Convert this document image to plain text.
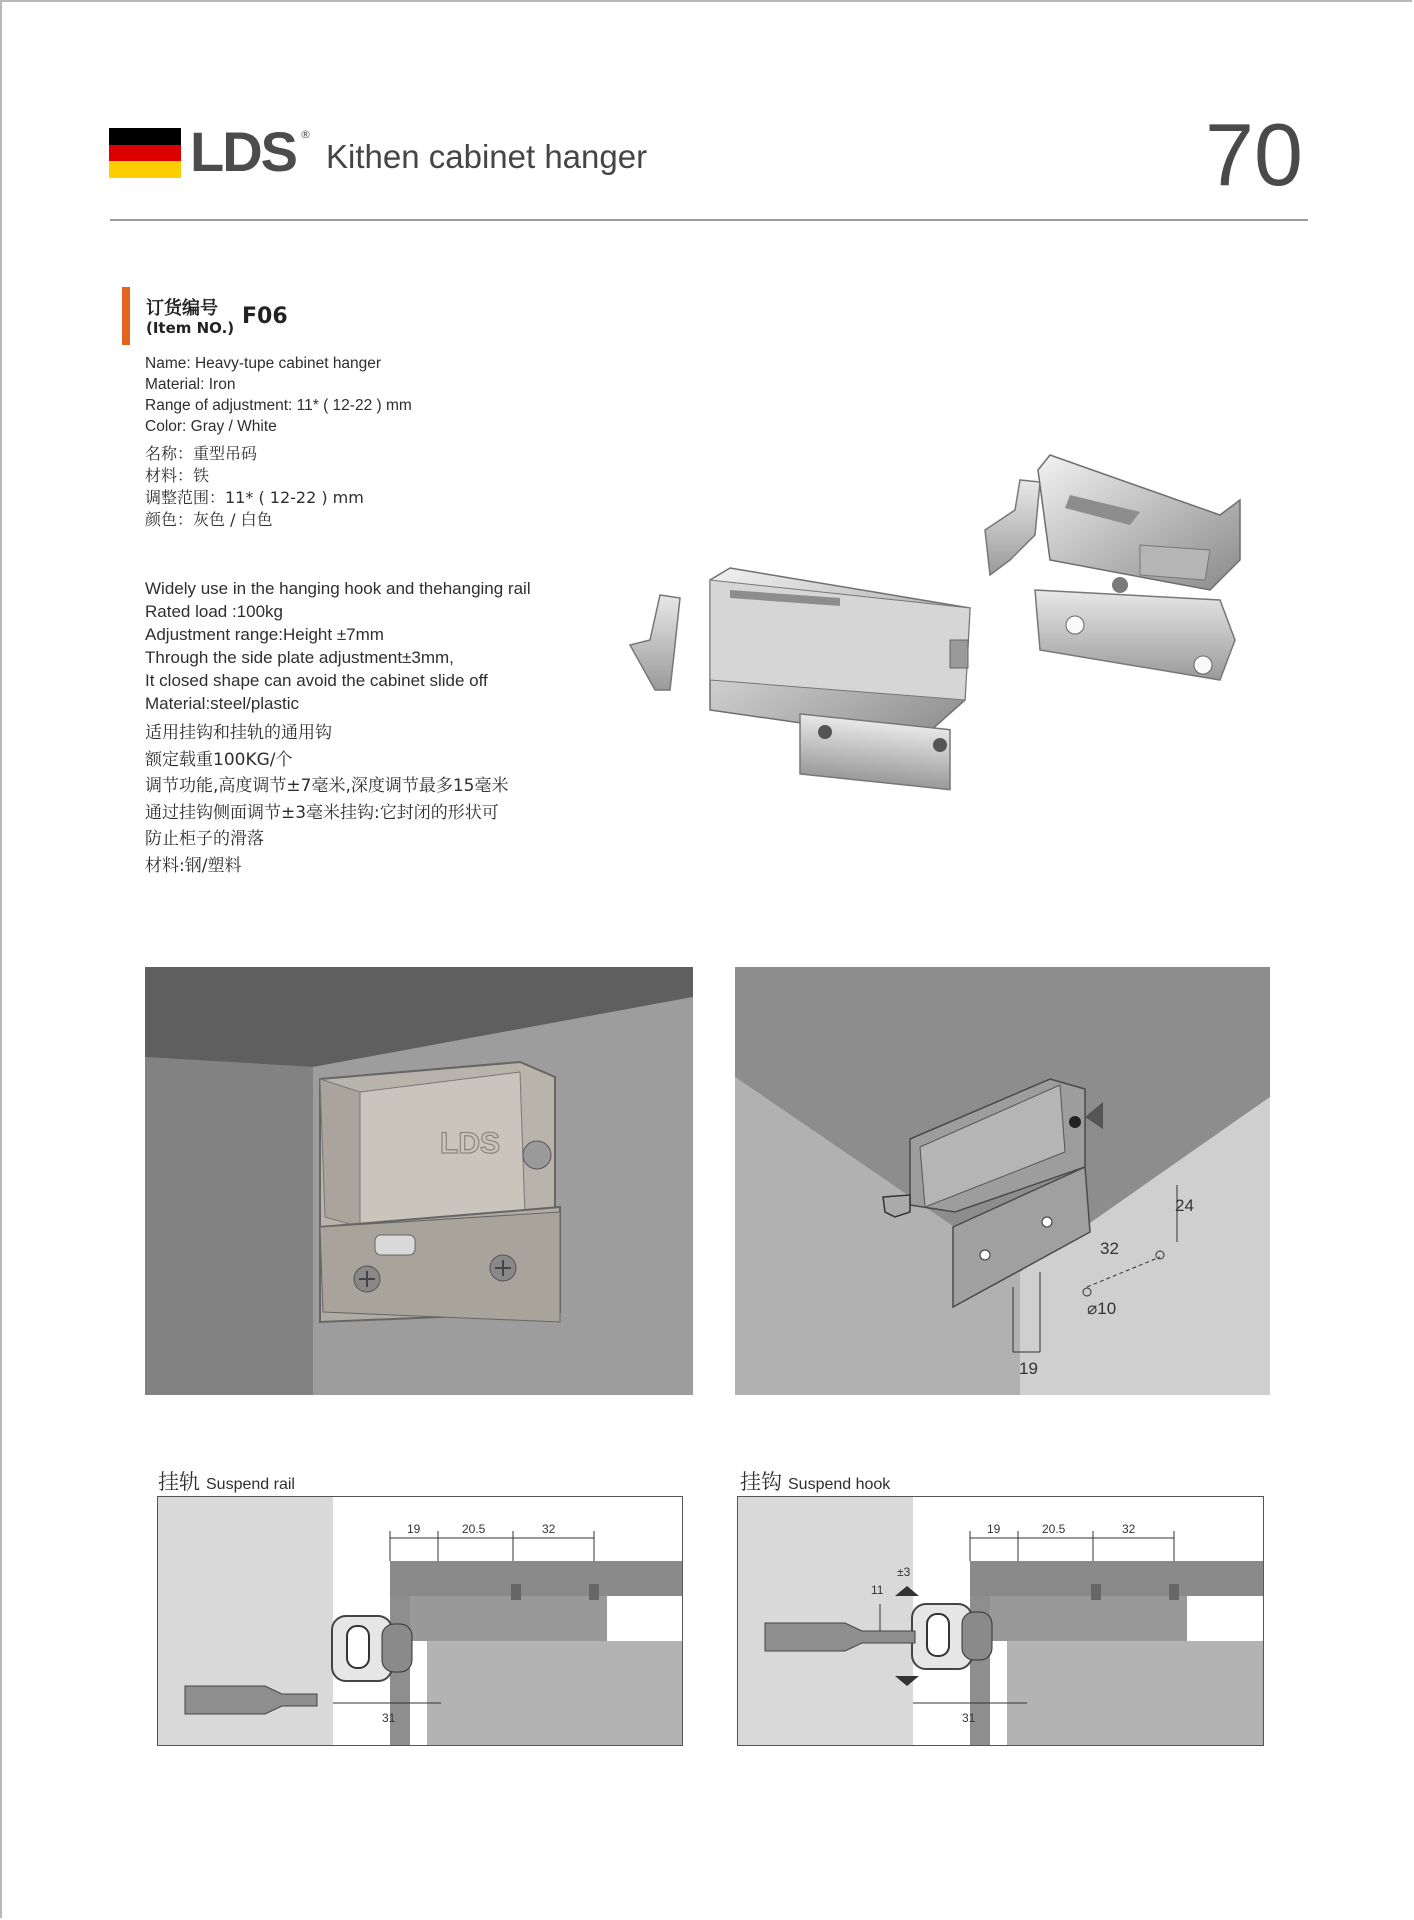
LDS ®
Kithen cabinet hanger	70
订货编号
(Item NO.) F06
Name: Heavy-tupe cabinet hanger
Material: Iron
Range of adjustment: 11* ( 12-22 ) mm
Color: Gray / White
名称：重型吊码
材料：铁
调整范围：11* ( 12-22 ) mm
颜色：灰色 / 白色
Widely use in the hanging hook and thehanging rail
Rated load :100kg
Adjustment range:Height ±7mm
Through the side plate adjustment±3mm,
It closed shape can avoid the cabinet slide off
Material:steel/plastic
适用挂钩和挂轨的通用钩
额定载重100KG/个
调节功能,高度调节±7毫米,深度调节最多15毫米
通过挂钩侧面调节±3毫米挂钩:它封闭的形状可
防止柜子的滑落
材料:钢/塑料
LDS
24
32
⌀10
19
挂轨 Suspend rail
19	20.5	32
31
挂钩 Suspend hook
11
±3
19	20.5	32
31
